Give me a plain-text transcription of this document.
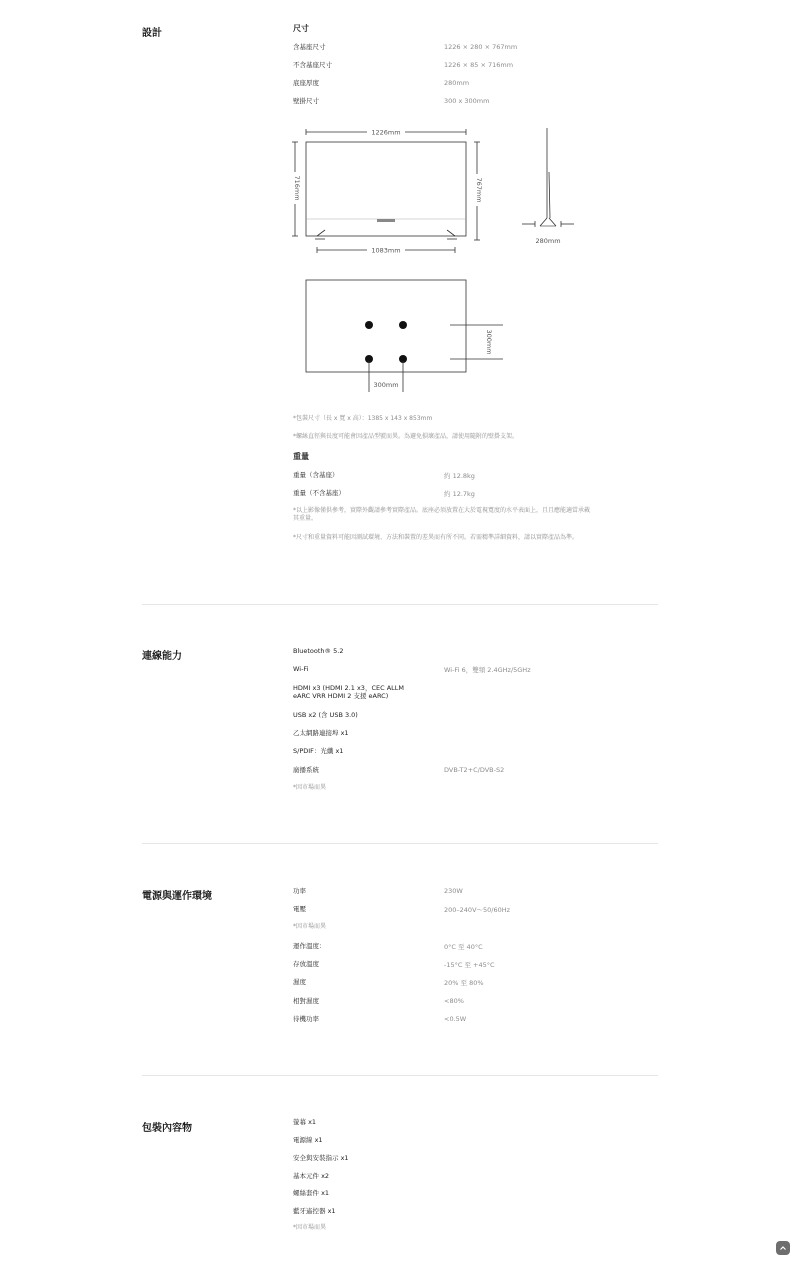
設計	尺寸
含基座尺寸	1226 × 280 × 767mm
不含基座尺寸	1226 × 85 × 716mm
底座厚度	280mm
壁掛尺寸	300 x 300mm
1226mm
716mm	767mm
1083mm
280mm
300mm
300mm
*包裝尺寸（長 x 寬 x 高）：1385 x 143 x 853mm
*螺絲直徑與長度可能會因產品型號而異。為避免損壞產品，請使用隨附的壁掛支架。
重量
重量（含基座）	約 12.8kg
重量（不含基座）	約 12.7kg
*以上影像僅供參考，實際外觀請參考實際產品。底座必須放置在大於電視寬度的水平表面上，且且應能適當承載其重量。
*尺寸和重量資料可能因測試環境、方法和裝置的差異而有所不同。若需精準詳細資料，請以實際產品為準。
連線能力	Bluetooth® 5.2
Wi-Fi	Wi-Fi 6，雙頻 2.4GHz/5GHz
HDMI x3 (HDMI 2.1 x3，CEC ALLM
eARC VRR HDMI 2 支援 eARC)
USB x2 (含 USB 3.0)
乙太網路連接埠 x1
S/PDIF：光纖 x1
廣播系統	DVB-T2+C/DVB-S2
*因市場而異
電源與運作環境	功率	230W
電壓	200–240V～50/60Hz
*因市場而異
運作溫度：	0°C 至 40°C
存放溫度	-15°C 至 +45°C
濕度	20% 至 80%
相對濕度	<80%
待機功率	<0.5W
包裝內容物
螢幕 x1
電源線 x1
安全與安裝指示 x1
基本元件 x2
螺絲套件 x1
藍牙遙控器 x1
*因市場而異
